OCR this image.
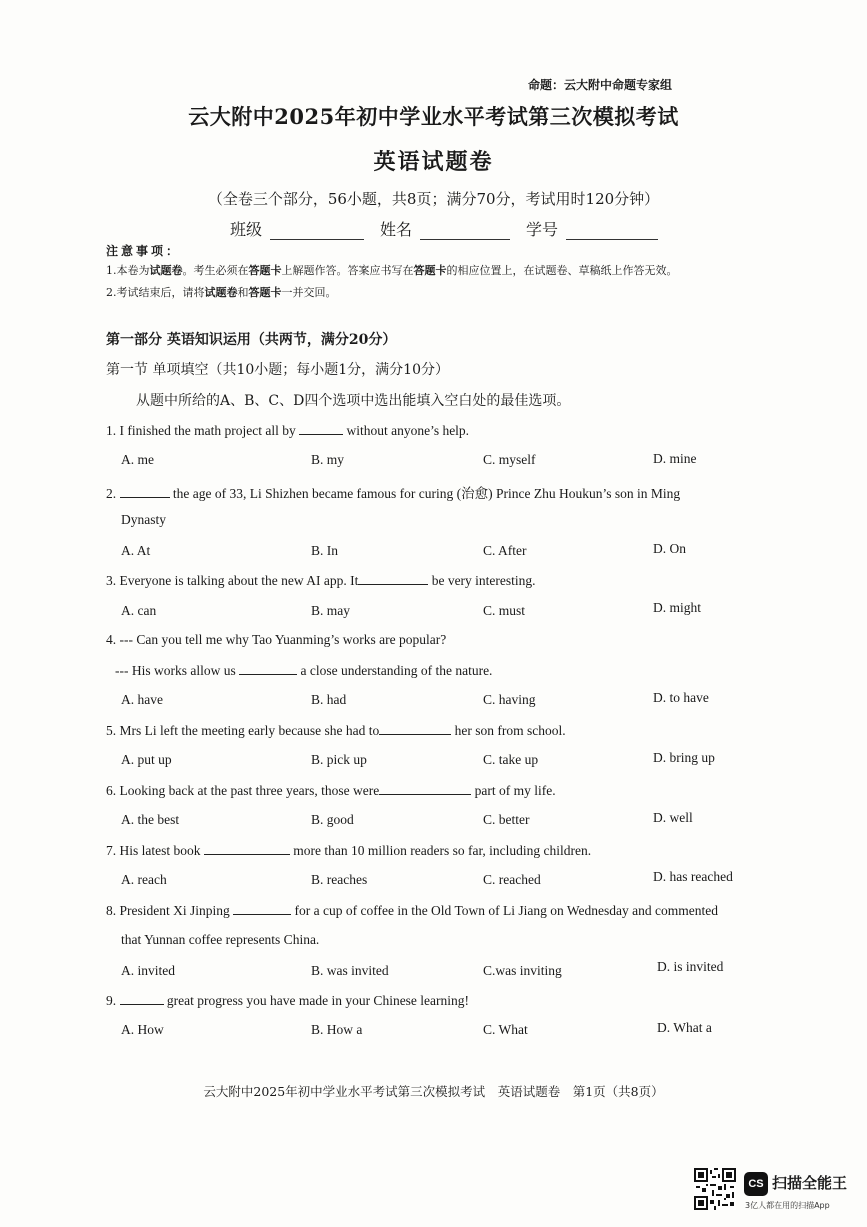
命题：云大附中命题专家组
云大附中2025年初中学业水平考试第三次模拟考试
英语试题卷
（全卷三个部分，56小题，共8页；满分70分，考试用时120分钟）
班级	姓名	学号
注意事项：
1.本卷为试题卷。考生必须在答题卡上解题作答。答案应书写在答题卡的相应位置上，在试题卷、草稿纸上作答无效。
2.考试结束后，请将试题卷和答题卡一并交回。
第一部分 英语知识运用（共两节，满分20分）
第一节 单项填空（共10小题；每小题1分，满分10分）
从题中所给的A、B、C、D四个选项中选出能填入空白处的最佳选项。
1. I finished the math project all by	without anyone’s help.
A. me	B. my	C. myself	D. mine
2.	the age of 33, Li Shizhen became famous for curing (治愈) Prince Zhu Houkun’s son in Ming
Dynasty
A. At	B. In	C. After	D. On
3. Everyone is talking about the new AI app. It	be very interesting.
A. can	B. may	C. must	D. might
4. --- Can you tell me why Tao Yuanming’s works are popular?
--- His works allow us	a close understanding of the nature.
A. have	B. had	C. having	D. to have
5. Mrs Li left the meeting early because she had to	her son from school.
A. put up	B. pick up	C. take up	D. bring up
6. Looking back at the past three years, those were	part of my life.
A. the best	B. good	C. better	D. well
7. His latest book	more than 10 million readers so far, including children.
A. reach	B. reaches	C. reached	D. has reached
8. President Xi Jinping	for a cup of coffee in the Old Town of Li Jiang on Wednesday and commented
that Yunnan coffee represents China.
A. invited	B. was invited	C.was inviting	D. is invited
9.	great progress you have made in your Chinese learning!
A. How	B. How a	C. What	D. What a
云大附中2025年初中学业水平考试第三次模拟考试　英语试题卷　第1页（共8页）
CS 扫描全能王
3亿人都在用的扫描App
